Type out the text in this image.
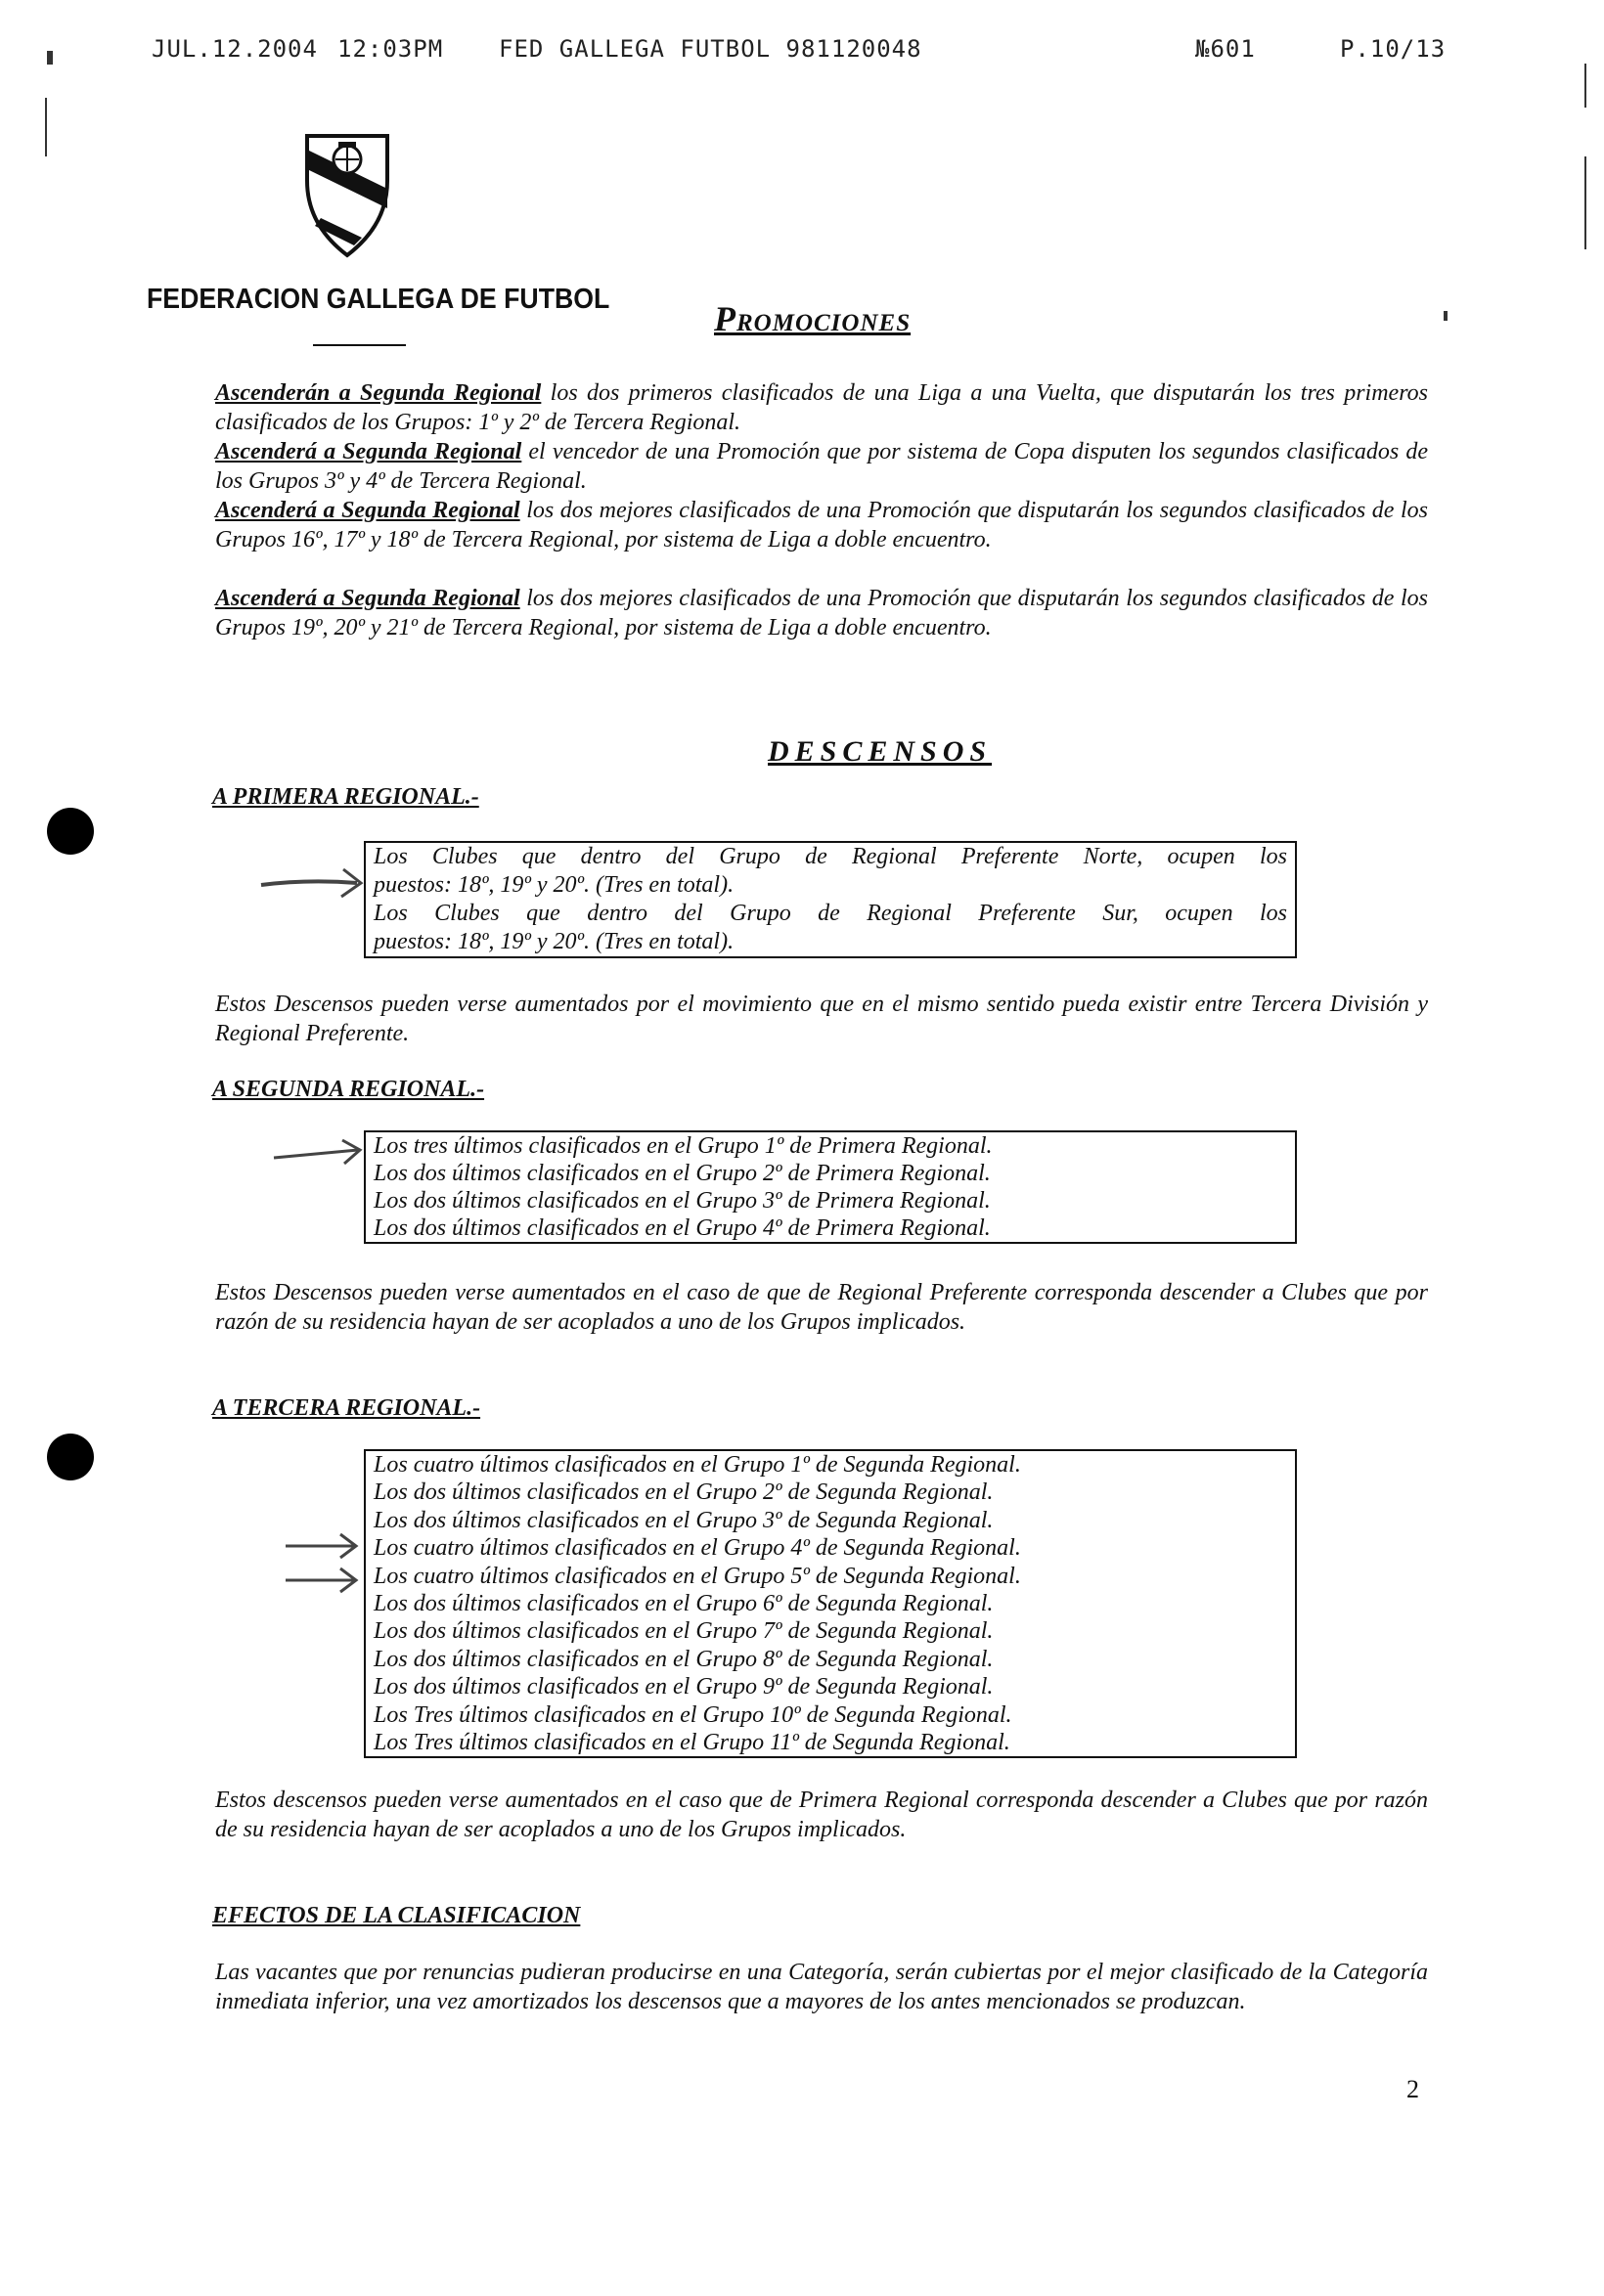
JUL.12.2004 12:03PM FED GALLEGA FUTBOL 981120048	№601	P.10/13
FEDERACION GALLEGA DE FUTBOL	Promociones
Ascenderán a Segunda Regional los dos primeros clasificados de una Liga a una Vuelta, que disputarán los tres primeros clasificados de los Grupos: 1º y 2º de Tercera Regional.
Ascenderá a Segunda Regional el vencedor de una Promoción que por sistema de Copa disputen los segundos clasificados de los Grupos 3º y 4º de Tercera Regional.
Ascenderá a Segunda Regional los dos mejores clasificados de una Promoción que disputarán los segundos clasificados de los Grupos 16º, 17º y 18º de Tercera Regional, por sistema de Liga a doble encuentro.
Ascenderá a Segunda Regional los dos mejores clasificados de una Promoción que disputarán los segundos clasificados de los Grupos 19º, 20º y 21º de Tercera Regional, por sistema de Liga a doble encuentro.
DESCENSOS
A PRIMERA REGIONAL.-
Los Clubes que dentro del Grupo de Regional Preferente Norte, ocupen los
puestos: 18º, 19º y 20º. (Tres en total).
Los Clubes que dentro del Grupo de Regional Preferente Sur, ocupen los
puestos: 18º, 19º y 20º. (Tres en total).
Estos Descensos pueden verse aumentados por el movimiento que en el mismo sentido pueda existir entre Tercera División y Regional Preferente.
A SEGUNDA REGIONAL.-
Los tres últimos clasificados en el Grupo 1º de Primera Regional.
Los dos últimos clasificados en el Grupo 2º de Primera Regional.
Los dos últimos clasificados en el Grupo 3º de Primera Regional.
Los dos últimos clasificados en el Grupo 4º de Primera Regional.
Estos Descensos pueden verse aumentados en el caso de que de Regional Preferente corresponda descender a Clubes que por razón de su residencia hayan de ser acoplados a uno de los Grupos implicados.
A TERCERA REGIONAL.-
Los cuatro últimos clasificados en el Grupo 1º de Segunda Regional.
Los dos últimos clasificados en el Grupo 2º de Segunda Regional.
Los dos últimos clasificados en el Grupo 3º de Segunda Regional.
Los cuatro últimos clasificados en el Grupo 4º de Segunda Regional.
Los cuatro últimos clasificados en el Grupo 5º de Segunda Regional.
Los dos últimos clasificados en el Grupo 6º de Segunda Regional.
Los dos últimos clasificados en el Grupo 7º de Segunda Regional.
Los dos últimos clasificados en el Grupo 8º de Segunda Regional.
Los dos últimos clasificados en el Grupo 9º de Segunda Regional.
Los Tres últimos clasificados en el Grupo 10º de Segunda Regional.
Los Tres últimos clasificados en el Grupo 11º de Segunda Regional.
Estos descensos pueden verse aumentados en el caso que de Primera Regional corresponda descender a Clubes que por razón de su residencia hayan de ser acoplados a uno de los Grupos implicados.
EFECTOS DE LA CLASIFICACION
Las vacantes que por renuncias pudieran producirse en una Categoría, serán cubiertas por el mejor clasificado de la Categoría inmediata inferior, una vez amortizados los descensos que a mayores de los antes mencionados se produzcan.
2
